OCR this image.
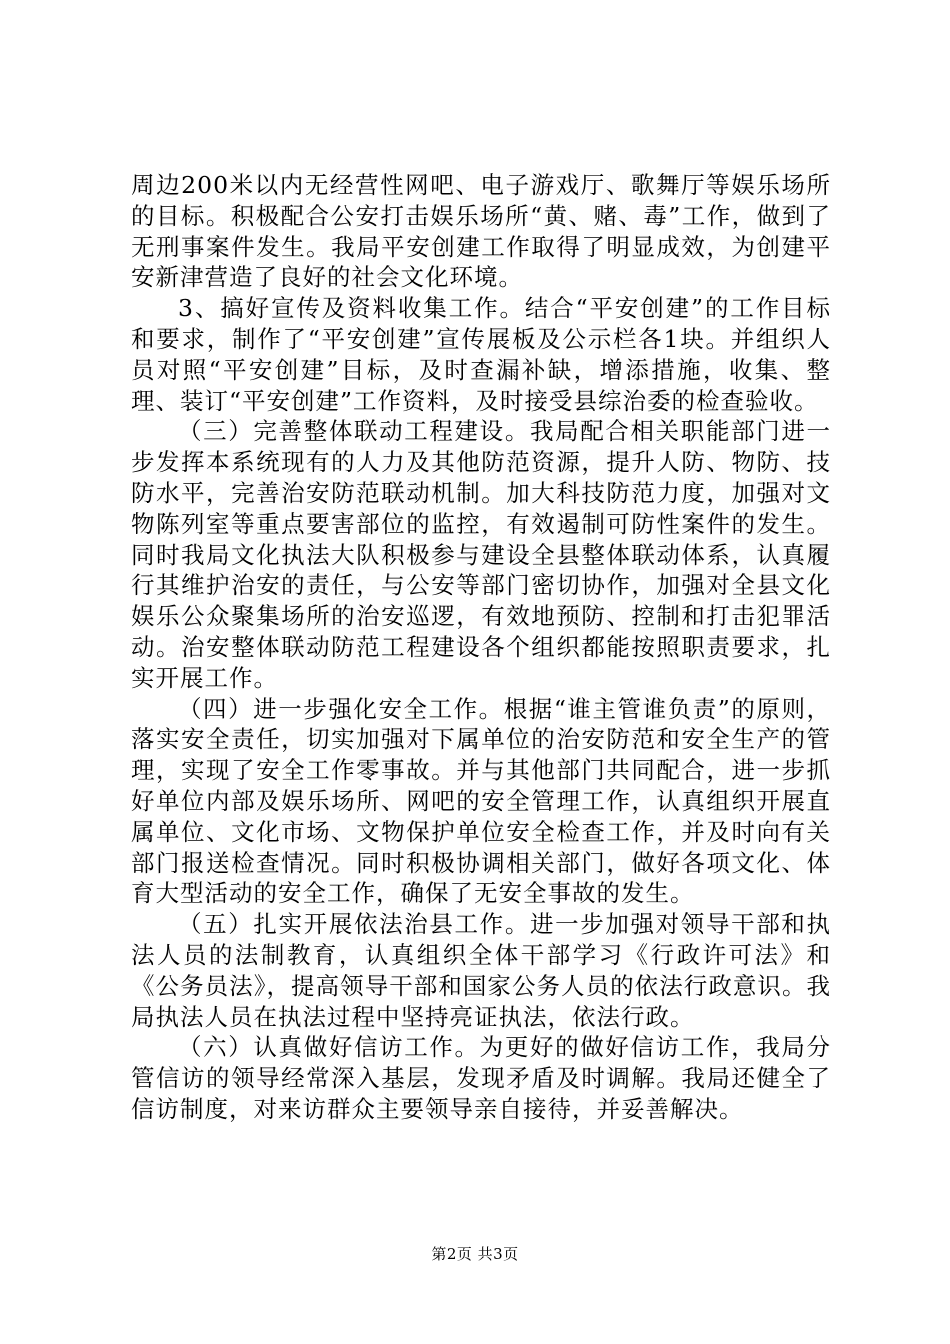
周边200米以内无经营性网吧、电子游戏厅、歌舞厅等娱乐场所的目标。积极配合公安打击娱乐场所“黄、赌、毒”工作，做到了无刑事案件发生。我局平安创建工作取得了明显成效，为创建平安新津营造了良好的社会文化环境。

3、搞好宣传及资料收集工作。结合“平安创建”的工作目标和要求，制作了“平安创建”宣传展板及公示栏各1块。并组织人员对照“平安创建”目标，及时查漏补缺，增添措施，收集、整理、装订“平安创建”工作资料，及时接受县综治委的检查验收。

（三）完善整体联动工程建设。我局配合相关职能部门进一步发挥本系统现有的人力及其他防范资源，提升人防、物防、技防水平，完善治安防范联动机制。加大科技防范力度，加强对文物陈列室等重点要害部位的监控，有效遏制可防性案件的发生。同时我局文化执法大队积极参与建设全县整体联动体系，认真履行其维护治安的责任，与公安等部门密切协作，加强对全县文化娱乐公众聚集场所的治安巡逻，有效地预防、控制和打击犯罪活动。治安整体联动防范工程建设各个组织都能按照职责要求，扎实开展工作。

（四）进一步强化安全工作。根据“谁主管谁负责”的原则，落实安全责任，切实加强对下属单位的治安防范和安全生产的管理，实现了安全工作零事故。并与其他部门共同配合，进一步抓好单位内部及娱乐场所、网吧的安全管理工作，认真组织开展直属单位、文化市场、文物保护单位安全检查工作，并及时向有关部门报送检查情况。同时积极协调相关部门，做好各项文化、体育大型活动的安全工作，确保了无安全事故的发生。

（五）扎实开展依法治县工作。进一步加强对领导干部和执法人员的法制教育，认真组织全体干部学习《行政许可法》和《公务员法》，提高领导干部和国家公务人员的依法行政意识。我局执法人员在执法过程中坚持亮证执法，依法行政。

（六）认真做好信访工作。为更好的做好信访工作，我局分管信访的领导经常深入基层，发现矛盾及时调解。我局还健全了信访制度，对来访群众主要领导亲自接待，并妥善解决。

第2页 共3页
